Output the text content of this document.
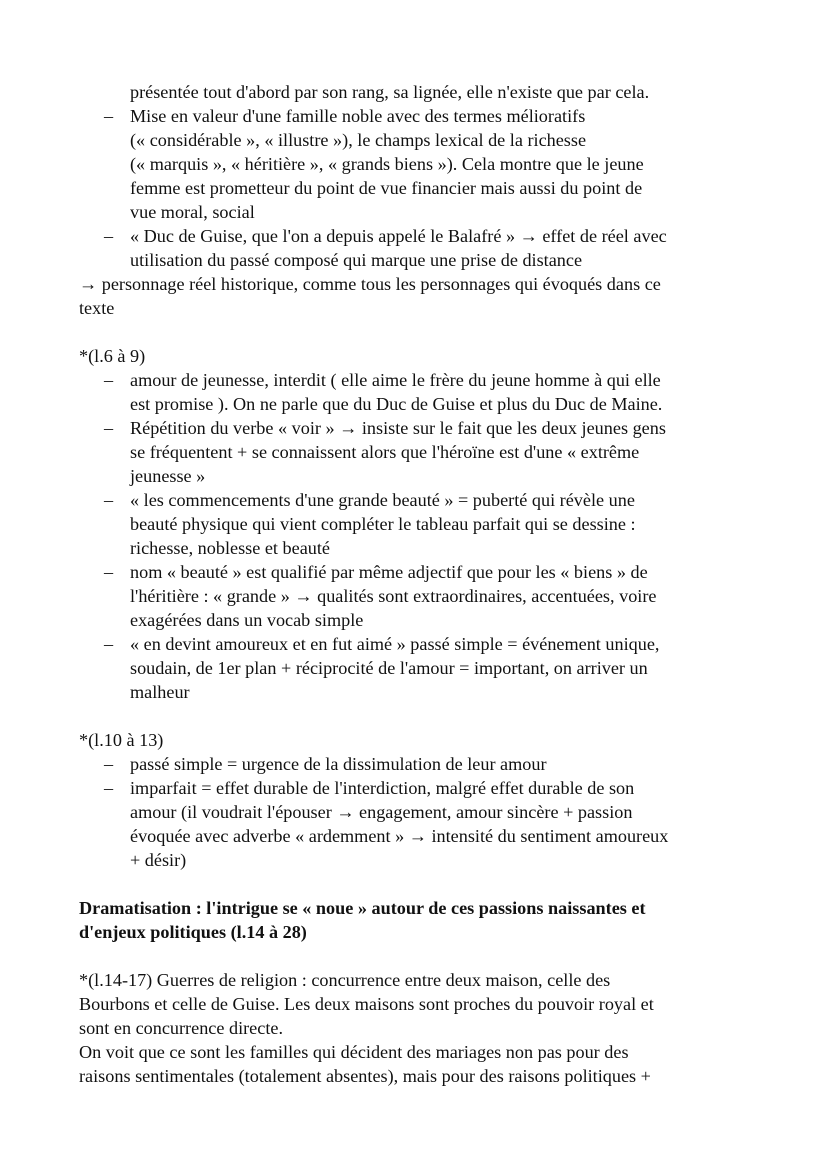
présentée tout d'abord par son rang, sa lignée, elle n'existe que par cela.
– Mise en valeur d'une famille noble avec des termes mélioratifs
(« considérable », « illustre »), le champs lexical de la richesse
(« marquis », « héritière », « grands biens »). Cela montre que le jeune
femme est prometteur du point de vue financier mais aussi du point de
vue moral, social
– « Duc de Guise, que l'on a depuis appelé le Balafré » → effet de réel avec
utilisation du passé composé qui marque une prise de distance
→ personnage réel historique, comme tous les personnages qui évoqués dans ce
texte
*(l.6 à 9)
– amour de jeunesse, interdit ( elle aime le frère du jeune homme à qui elle
est promise ). On ne parle que du Duc de Guise et plus du Duc de Maine.
– Répétition du verbe « voir » → insiste sur le fait que les deux jeunes gens
se fréquentent + se connaissent alors que l'héroïne est d'une « extrême
jeunesse »
– « les commencements d'une grande beauté » = puberté qui révèle une
beauté physique qui vient compléter le tableau parfait qui se dessine :
richesse, noblesse et beauté
– nom « beauté » est qualifié par même adjectif que pour les « biens » de
l'héritière : « grande » → qualités sont extraordinaires, accentuées, voire
exagérées dans un vocab simple
– « en devint amoureux et en fut aimé » passé simple = événement unique,
soudain, de 1er plan + réciprocité de l'amour = important, on arriver un
malheur
*(l.10 à 13)
– passé simple = urgence de la dissimulation de leur amour
– imparfait = effet durable de l'interdiction, malgré effet durable de son
amour (il voudrait l'épouser → engagement, amour sincère + passion
évoquée avec adverbe « ardemment » → intensité du sentiment amoureux
+ désir)
Dramatisation : l'intrigue se « noue » autour de ces passions naissantes et
d'enjeux politiques (l.14 à 28)
*(l.14-17) Guerres de religion : concurrence entre deux maison, celle des
Bourbons et celle de Guise. Les deux maisons sont proches du pouvoir royal et
sont en concurrence directe.
On voit que ce sont les familles qui décident des mariages non pas pour des
raisons sentimentales (totalement absentes), mais pour des raisons politiques +
